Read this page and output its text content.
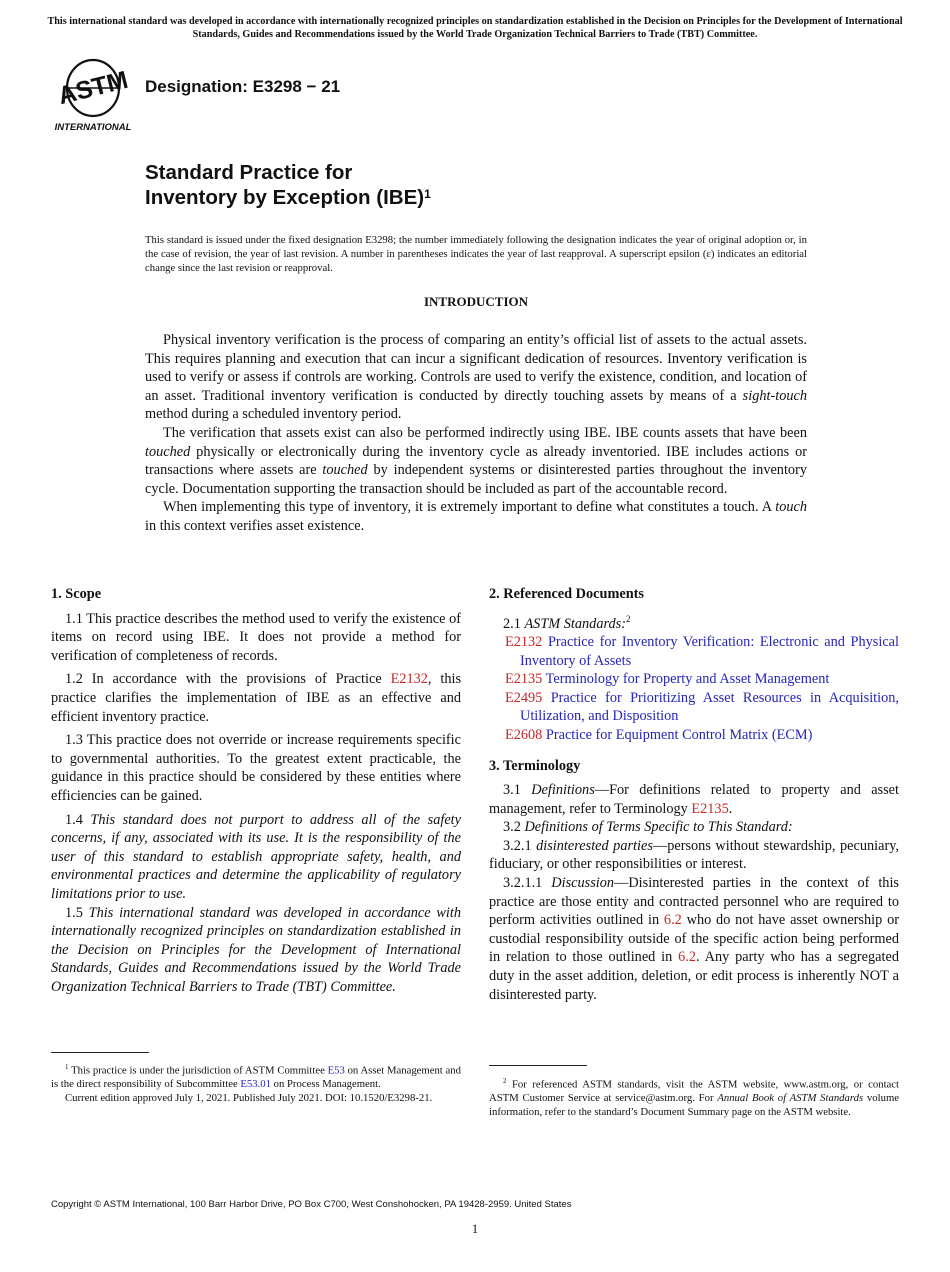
This international standard was developed in accordance with internationally recognized principles on standardization established in the Decision on Principles for the Development of International Standards, Guides and Recommendations issued by the World Trade Organization Technical Barriers to Trade (TBT) Committee.
ASTM
INTERNATIONAL
Designation: E3298 − 21
Standard Practice for
Inventory by Exception (IBE)$^1$
This standard is issued under the fixed designation E3298; the number immediately following the designation indicates the year of original adoption or, in the case of revision, the year of last revision. A number in parentheses indicates the year of last reapproval. A superscript epsilon (ε) indicates an editorial change since the last revision or reapproval.
INTRODUCTION

Physical inventory verification is the process of comparing an entity’s official list of assets to the actual assets. This requires planning and execution that can incur a significant dedication of resources. Inventory verification is used to verify or assess if controls are working. Controls are used to verify the existence, condition, and location of an asset. Traditional inventory verification is conducted by directly touching assets by means of a sight-touch method during a scheduled inventory period.

The verification that assets exist can also be performed indirectly using IBE. IBE counts assets that have been touched physically or electronically during the inventory cycle as already inventoried. IBE includes actions or transactions where assets are touched by independent systems or disinterested parties throughout the inventory cycle. Documentation supporting the transaction should be included as part of the accountable record.

When implementing this type of inventory, it is extremely important to define what constitutes a touch. A touch in this context verifies asset existence.

1. Scope

1.1 This practice describes the method used to verify the existence of items on record using IBE. It does not provide a method for verification of completeness of records.

1.2 In accordance with the provisions of Practice E2132, this practice clarifies the implementation of IBE as an effective and efficient inventory practice.

1.3 This practice does not override or increase requirements specific to governmental authorities. To the greatest extent practicable, the guidance in this practice should be considered by these entities where efficiencies can be gained.

1.4 This standard does not purport to address all of the safety concerns, if any, associated with its use. It is the responsibility of the user of this standard to establish appropriate safety, health, and environmental practices and determine the applicability of regulatory limitations prior to use.

1.5 This international standard was developed in accordance with internationally recognized principles on standardization established in the Decision on Principles for the Development of International Standards, Guides and Recommendations issued by the World Trade Organization Technical Barriers to Trade (TBT) Committee.

2. Referenced Documents

2.1 ASTM Standards:$^2$

E2132 Practice for Inventory Verification: Electronic and Physical Inventory of Assets
E2135 Terminology for Property and Asset Management
E2495 Practice for Prioritizing Asset Resources in Acquisition, Utilization, and Disposition
E2608 Practice for Equipment Control Matrix (ECM)
3. Terminology

3.1 Definitions—For definitions related to property and asset management, refer to Terminology E2135.

3.2 Definitions of Terms Specific to This Standard:

3.2.1 disinterested parties—persons without stewardship, pecuniary, fiduciary, or other responsibilities or interest.

3.2.1.1 Discussion—Disinterested parties in the context of this practice are those entity and contracted personnel who are required to perform activities outlined in 6.2 who do not have asset ownership or custodial responsibility outside of the specific action being performed in relation to those outlined in 6.2. Any party who has a segregated duty in the asset addition, deletion, or edit process is inherently NOT a disinterested party.

$^1$ This practice is under the jurisdiction of ASTM Committee E53 on Asset Management and is the direct responsibility of Subcommittee E53.01 on Process Management.

Current edition approved July 1, 2021. Published July 2021. DOI: 10.1520/E3298-21.

$^2$ For referenced ASTM standards, visit the ASTM website, www.astm.org, or contact ASTM Customer Service at service@astm.org. For Annual Book of ASTM Standards volume information, refer to the standard’s Document Summary page on the ASTM website.

Copyright © ASTM International, 100 Barr Harbor Drive, PO Box C700, West Conshohocken, PA 19428-2959. United States
1
